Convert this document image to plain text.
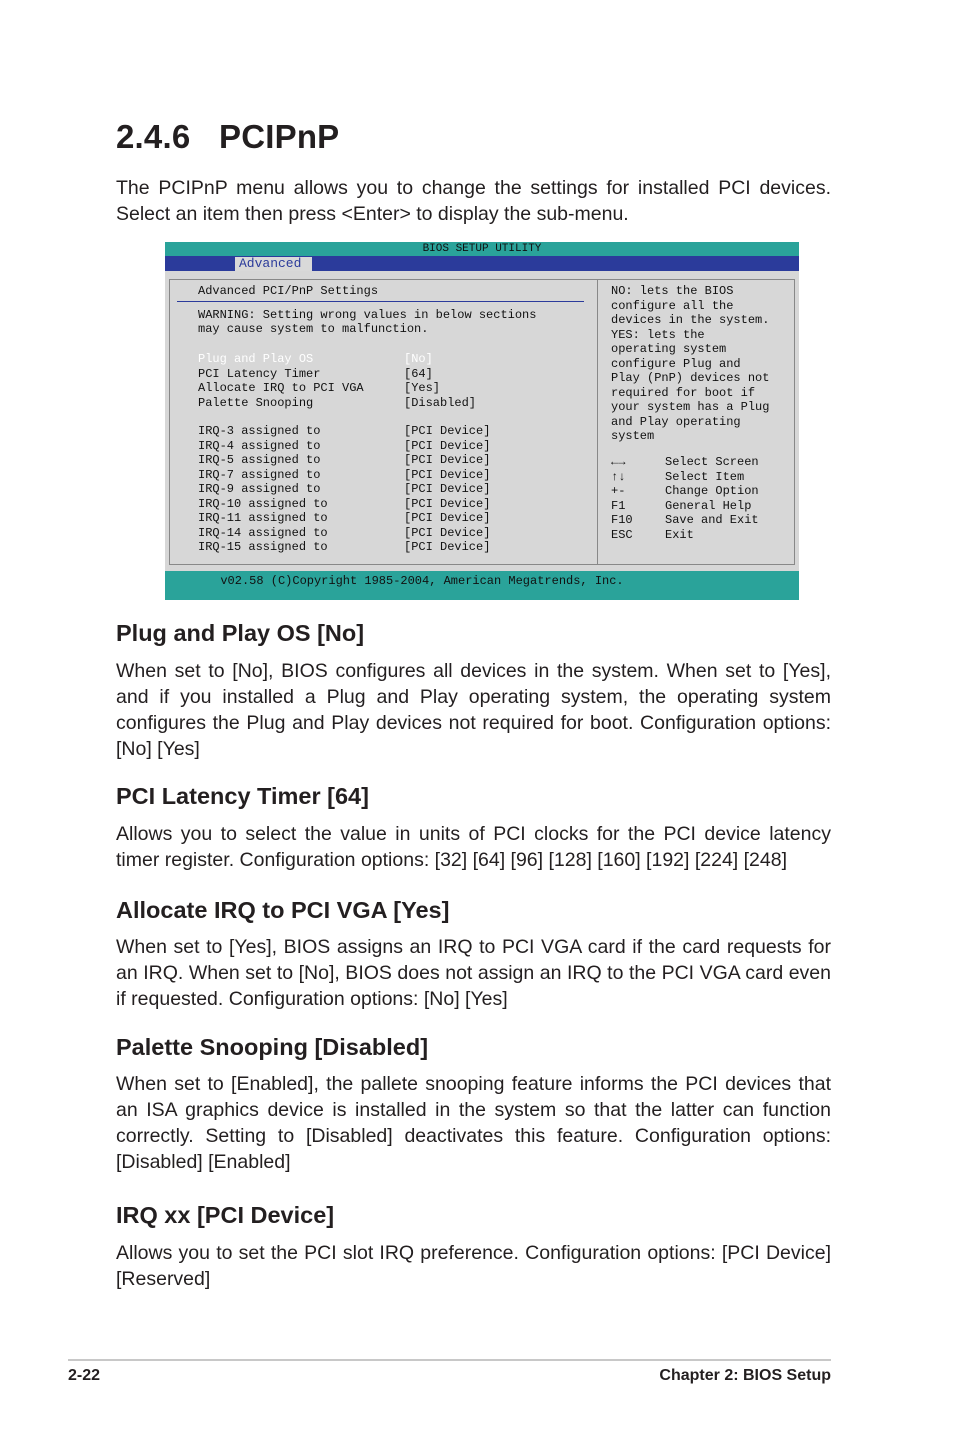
2.4.6 PCIPnP

The PCIPnP menu allows you to change the settings for installed PCI devices. Select an item then press <Enter> to display the sub-menu.

BIOS SETUP UTILITY
Advanced
Advanced PCI/PnP Settings
WARNING: Setting wrong values in below sections
may cause system to malfunction.
Plug and Play OS	[No]
PCI Latency Timer	[64]
Allocate IRQ to PCI VGA	[Yes]
Palette Snooping	[Disabled]
IRQ-3 assigned to	[PCI Device]
IRQ-4 assigned to	[PCI Device]
IRQ-5 assigned to	[PCI Device]
IRQ-7 assigned to	[PCI Device]
IRQ-9 assigned to	[PCI Device]
IRQ-10 assigned to	[PCI Device]
IRQ-11 assigned to	[PCI Device]
IRQ-14 assigned to	[PCI Device]
IRQ-15 assigned to	[PCI Device]
NO: lets the BIOS
configure all the
devices in the system.
YES: lets the
operating system
configure Plug and
Play (PnP) devices not
required for boot if
your system has a Plug
and Play operating
system
←→	Select Screen
↑↓	Select Item
+-	Change Option
F1	General Help
F10	Save and Exit
ESC	Exit
v02.58 (C)Copyright 1985-2004, American Megatrends, Inc.
Plug and Play OS [No]

When set to [No], BIOS configures all devices in the system. When set to [Yes], and if you installed a Plug and Play operating system, the operating system configures the Plug and Play devices not required for boot. Configuration options: [No] [Yes]

PCI Latency Timer [64]

Allows you to select the value in units of PCI clocks for the PCI device latency timer register. Configuration options: [32] [64] [96] [128] [160] [192] [224] [248]

Allocate IRQ to PCI VGA [Yes]

When set to [Yes], BIOS assigns an IRQ to PCI VGA card if the card requests for an IRQ. When set to [No], BIOS does not assign an IRQ to the PCI VGA card even if requested. Configuration options: [No] [Yes]

Palette Snooping [Disabled]

When set to [Enabled], the pallete snooping feature informs the PCI devices that an ISA graphics device is installed in the system so that the latter can function correctly. Setting to [Disabled] deactivates this feature. Configuration options: [Disabled] [Enabled]

IRQ xx [PCI Device]

Allows you to set the PCI slot IRQ preference. Configuration options: [PCI Device] [Reserved]

2-22	Chapter 2: BIOS Setup
